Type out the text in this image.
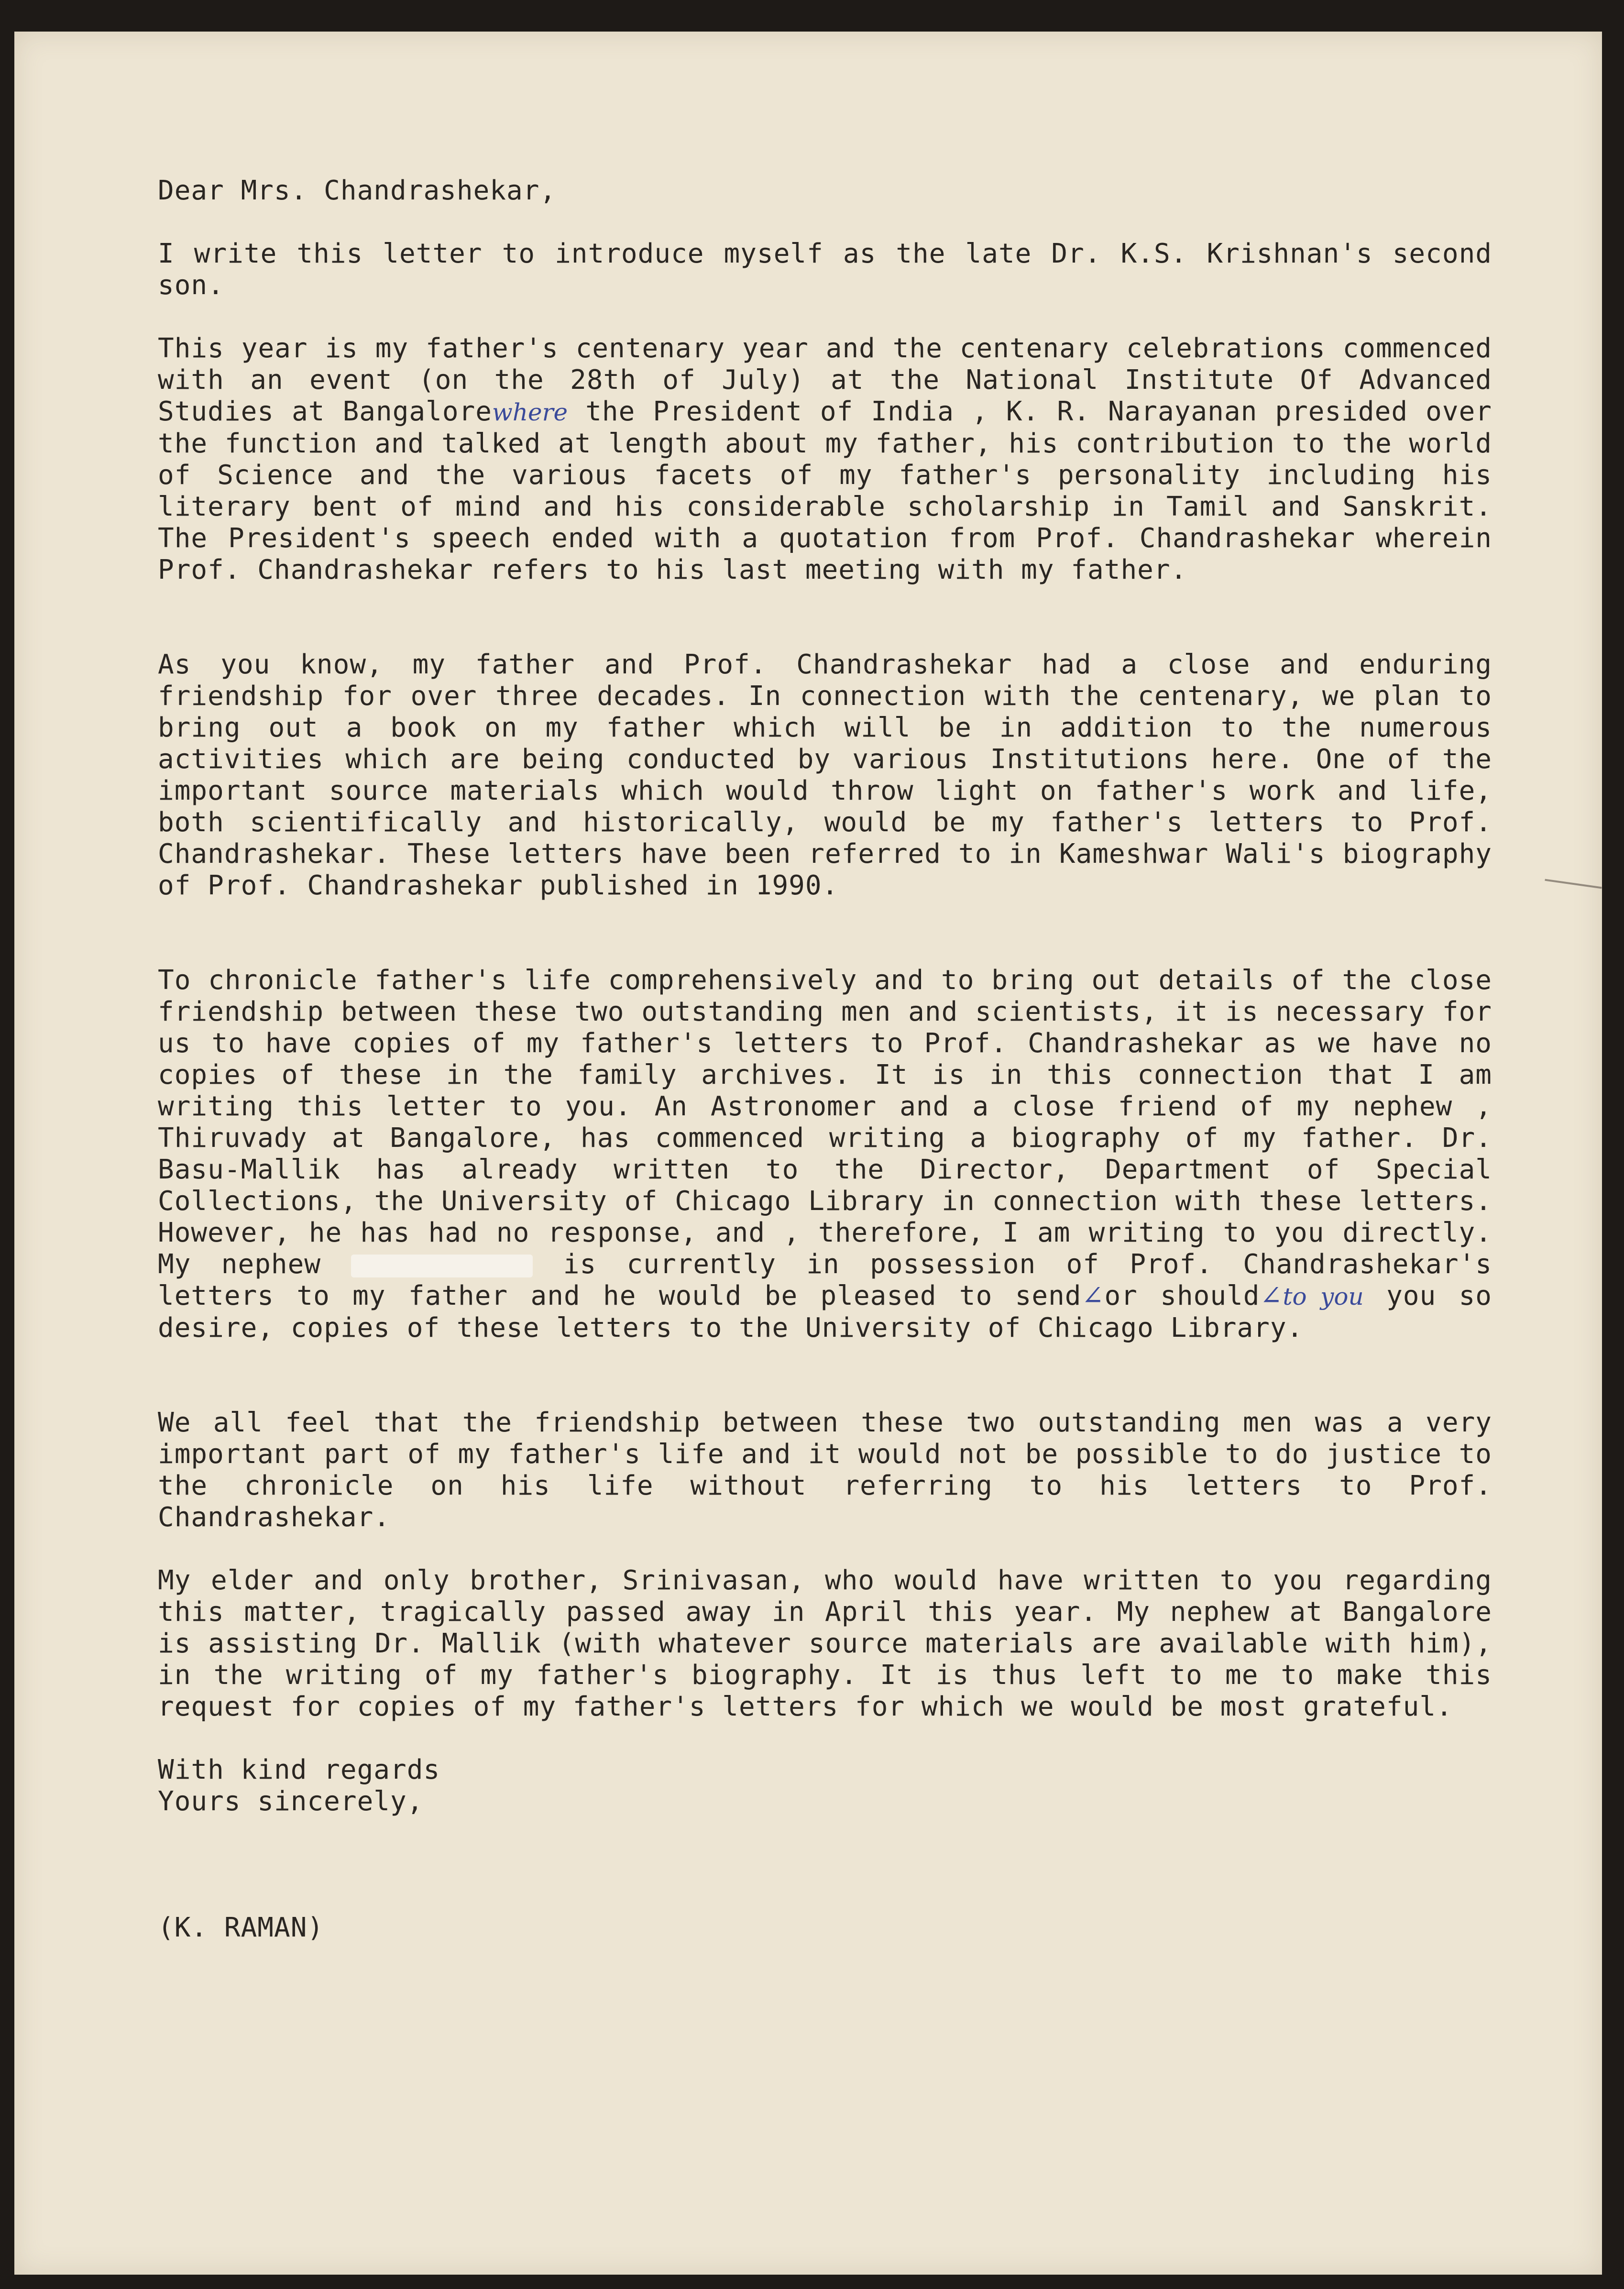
Dear Mrs. Chandrashekar,

I write this letter to introduce myself as the late Dr. K.S. Krishnan's second son.

This year is my father's centenary year and the centenary celebrations commenced with an event (on the 28th of July) at the National Institute Of Advanced Studies at Bangalorewhere the President of India , K. R. Narayanan presided over the function and talked at length about my father, his contribution to the world of Science and the various facets of my father's personality including his literary bent of mind and his considerable scholarship in Tamil and Sanskrit. The President's speech ended with a quotation from Prof. Chandrashekar wherein Prof. Chandrashekar refers to his last meeting with my father.

As you know, my father and Prof. Chandrashekar had a close and enduring friendship for over three decades. In connection with the centenary, we plan to bring out a book on my father which will be in addition to the numerous activities which are being conducted by various Institutions here. One of the important source materials which would throw light on father's work and life, both scientifically and historically, would be my father's letters to Prof. Chandrashekar. These letters have been referred to in Kameshwar Wali's biography of Prof. Chandrashekar published in 1990.

To chronicle father's life comprehensively and to bring out details of the close friendship between these two outstanding men and scientists, it is necessary for us to have copies of my father's letters to Prof. Chandrashekar as we have no copies of these in the family archives. It is in this connection that I am writing this letter to you. An Astronomer and a close friend of my nephew , Thiruvady at Bangalore, has commenced writing a biography of my father. Dr. Basu-Mallik has already written to the Director, Department of Special Collections, the University of Chicago Library in connection with these letters. However, he has had no response, and , therefore, I am writing to you directly. My nephew	is currently in possession of Prof. Chandrashekar's letters to my father and he would be pleased to send∠or should∠to you you so desire, copies of these letters to the University of Chicago Library.

We all feel that the friendship between these two outstanding men was a very important part of my father's life and it would not be possible to do justice to the chronicle on his life without referring to his letters to Prof. Chandrashekar.

My elder and only brother, Srinivasan, who would have written to you regarding this matter, tragically passed away in April this year. My nephew at Bangalore is assisting Dr. Mallik (with whatever source materials are available with him), in the writing of my father's biography. It is thus left to me to make this request for copies of my father's letters for which we would be most grateful.

With kind regards

Yours sincerely,

(K. RAMAN)
